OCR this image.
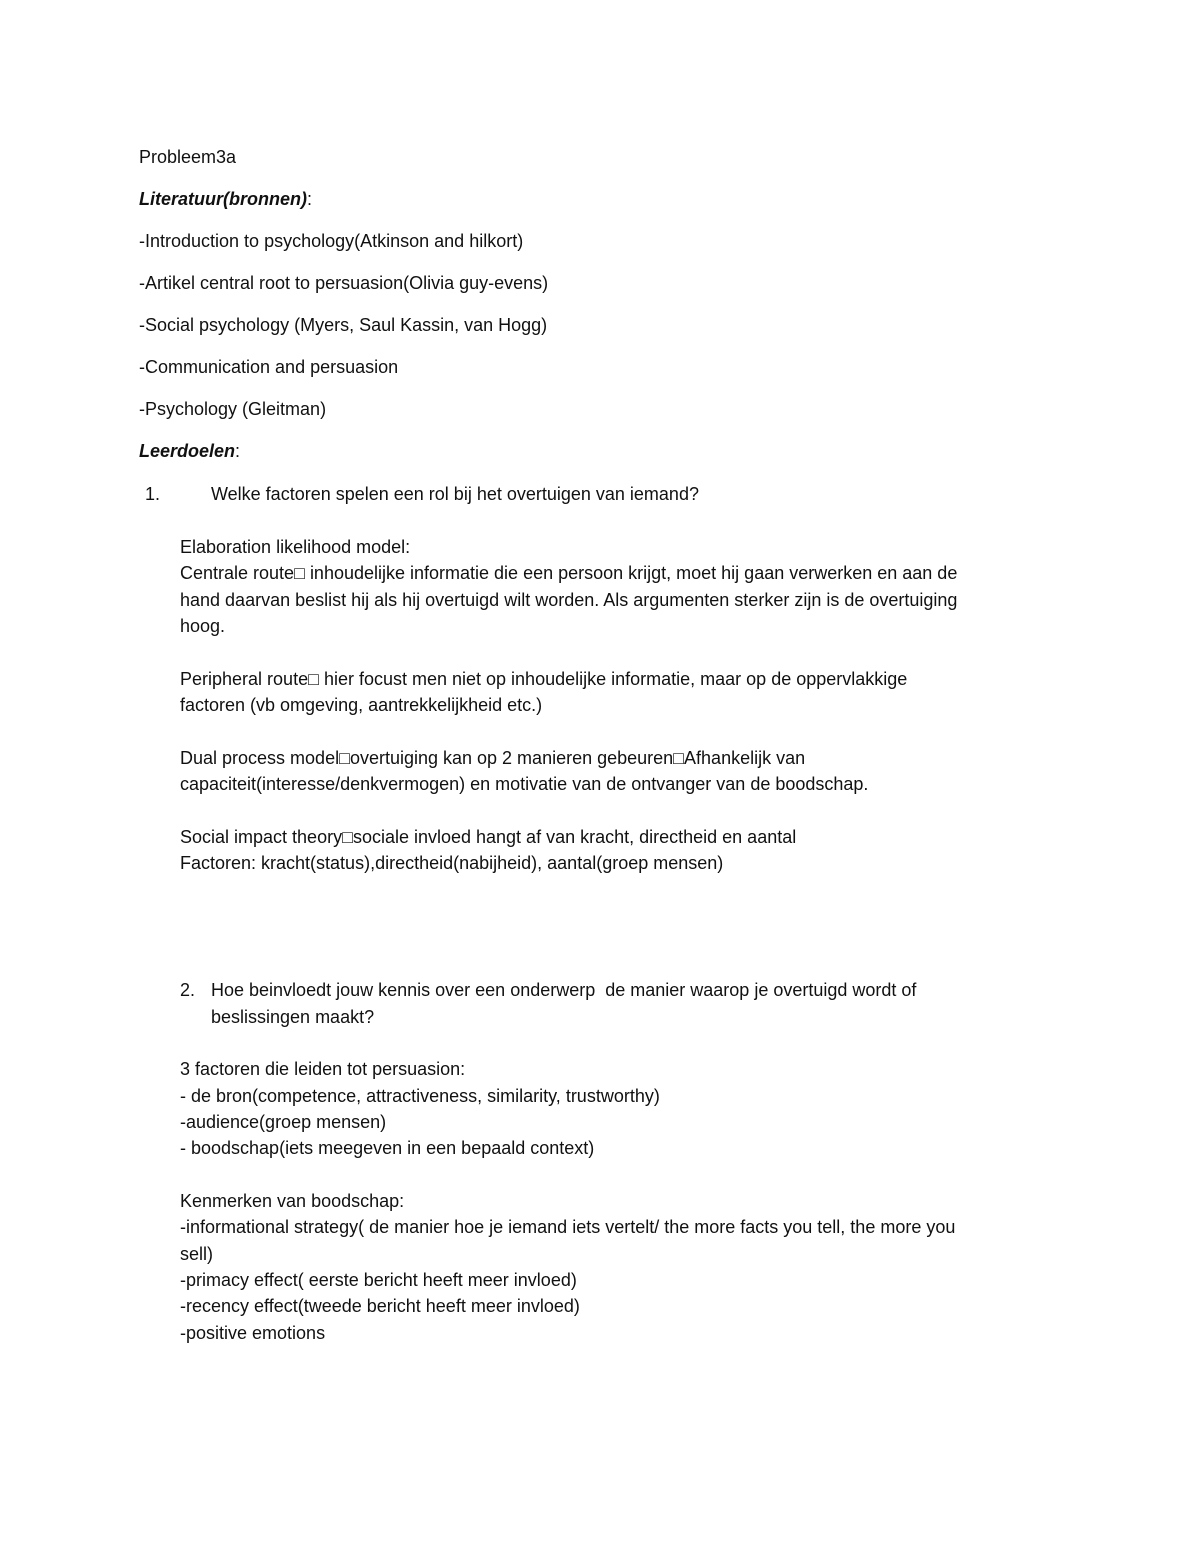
Probleem3a
Literatuur(bronnen):
-Introduction to psychology(Atkinson and hilkort)
-Artikel central root to persuasion(Olivia guy-evens)
-Social psychology (Myers, Saul Kassin, van Hogg)
-Communication and persuasion
-Psychology (Gleitman)
Leerdoelen:
1.	Welke factoren spelen een rol bij het overtuigen van iemand?
Elaboration likelihood model:
Centrale route□ inhoudelijke informatie die een persoon krijgt, moet hij gaan verwerken en aan de
hand daarvan beslist hij als hij overtuigd wilt worden. Als argumenten sterker zijn is de overtuiging
hoog.
Peripheral route□ hier focust men niet op inhoudelijke informatie, maar op de oppervlakkige
factoren (vb omgeving, aantrekkelijkheid etc.)
Dual process model□overtuiging kan op 2 manieren gebeuren□Afhankelijk van
capaciteit(interesse/denkvermogen) en motivatie van de ontvanger van de boodschap.
Social impact theory□sociale invloed hangt af van kracht, directheid en aantal
Factoren: kracht(status),directheid(nabijheid), aantal(groep mensen)
2. Hoe beinvloedt jouw kennis over een onderwerp  de manier waarop je overtuigd wordt of
beslissingen maakt?
3 factoren die leiden tot persuasion:
- de bron(competence, attractiveness, similarity, trustworthy)
-audience(groep mensen)
- boodschap(iets meegeven in een bepaald context)
Kenmerken van boodschap:
-informational strategy( de manier hoe je iemand iets vertelt/ the more facts you tell, the more you
sell)
-primacy effect( eerste bericht heeft meer invloed)
-recency effect(tweede bericht heeft meer invloed)
-positive emotions
